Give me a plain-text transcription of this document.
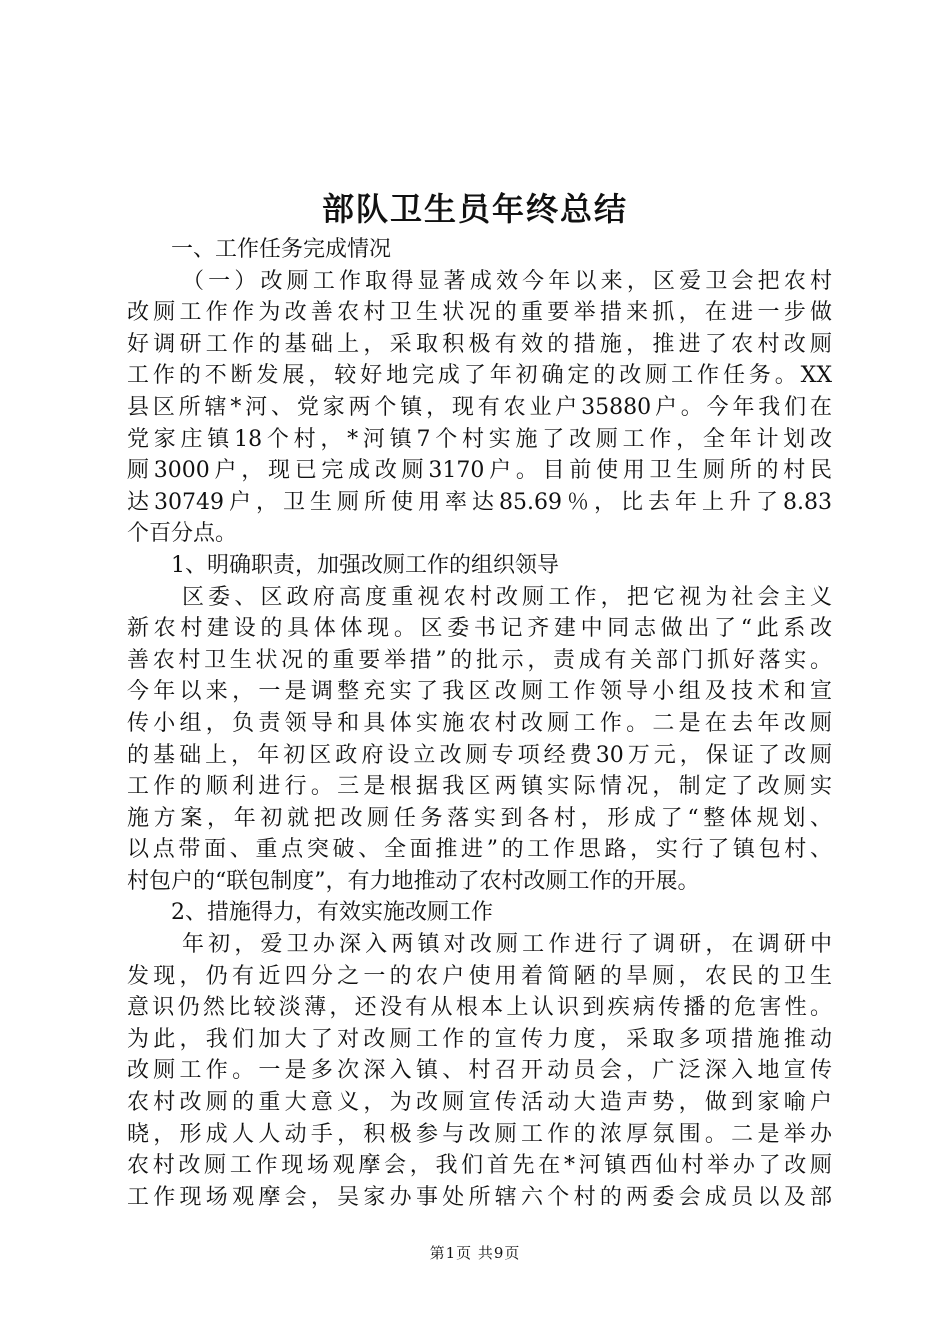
部队卫生员年终总结
一、工作任务完成情况
（一）改厕工作取得显著成效今年以来，区爱卫会把农村
改厕工作作为改善农村卫生状况的重要举措来抓，在进一步做
好调研工作的基础上，采取积极有效的措施，推进了农村改厕
工作的不断发展，较好地完成了年初确定的改厕工作任务。XX
县区所辖*河、党家两个镇，现有农业户35880户。今年我们在
党家庄镇18个村，*河镇7个村实施了改厕工作，全年计划改
厕3000户，现已完成改厕3170户。目前使用卫生厕所的村民
达30749户，卫生厕所使用率达85.69％，比去年上升了8.83
个百分点。
1、明确职责，加强改厕工作的组织领导
区委、区政府高度重视农村改厕工作，把它视为社会主义
新农村建设的具体体现。区委书记齐建中同志做出了“此系改
善农村卫生状况的重要举措”的批示，责成有关部门抓好落实。
今年以来，一是调整充实了我区改厕工作领导小组及技术和宣
传小组，负责领导和具体实施农村改厕工作。二是在去年改厕
的基础上，年初区政府设立改厕专项经费30万元，保证了改厕
工作的顺利进行。三是根据我区两镇实际情况，制定了改厕实
施方案，年初就把改厕任务落实到各村，形成了“整体规划、
以点带面、重点突破、全面推进”的工作思路，实行了镇包村、
村包户的“联包制度”，有力地推动了农村改厕工作的开展。
2、措施得力，有效实施改厕工作
年初，爱卫办深入两镇对改厕工作进行了调研，在调研中
发现，仍有近四分之一的农户使用着简陋的旱厕，农民的卫生
意识仍然比较淡薄，还没有从根本上认识到疾病传播的危害性。
为此，我们加大了对改厕工作的宣传力度，采取多项措施推动
改厕工作。一是多次深入镇、村召开动员会，广泛深入地宣传
农村改厕的重大意义，为改厕宣传活动大造声势，做到家喻户
晓，形成人人动手，积极参与改厕工作的浓厚氛围。二是举办
农村改厕工作现场观摩会，我们首先在*河镇西仙村举办了改厕
工作现场观摩会，吴家办事处所辖六个村的两委会成员以及部
第1页 共9页
